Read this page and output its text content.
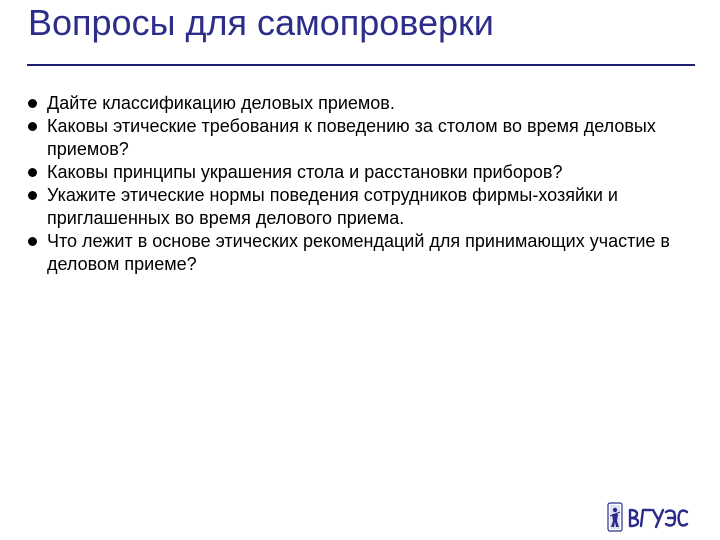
Вопросы для самопроверки
Дайте классификацию деловых приемов.
Каковы этические требования к поведению за столом во время деловых приемов?
Каковы принципы украшения стола и расстановки приборов?
Укажите этические нормы поведения сотрудников фирмы-хозяйки и приглашенных во время делового приема.
Что лежит в основе этических рекомендаций для принимающих участие в деловом приеме?
